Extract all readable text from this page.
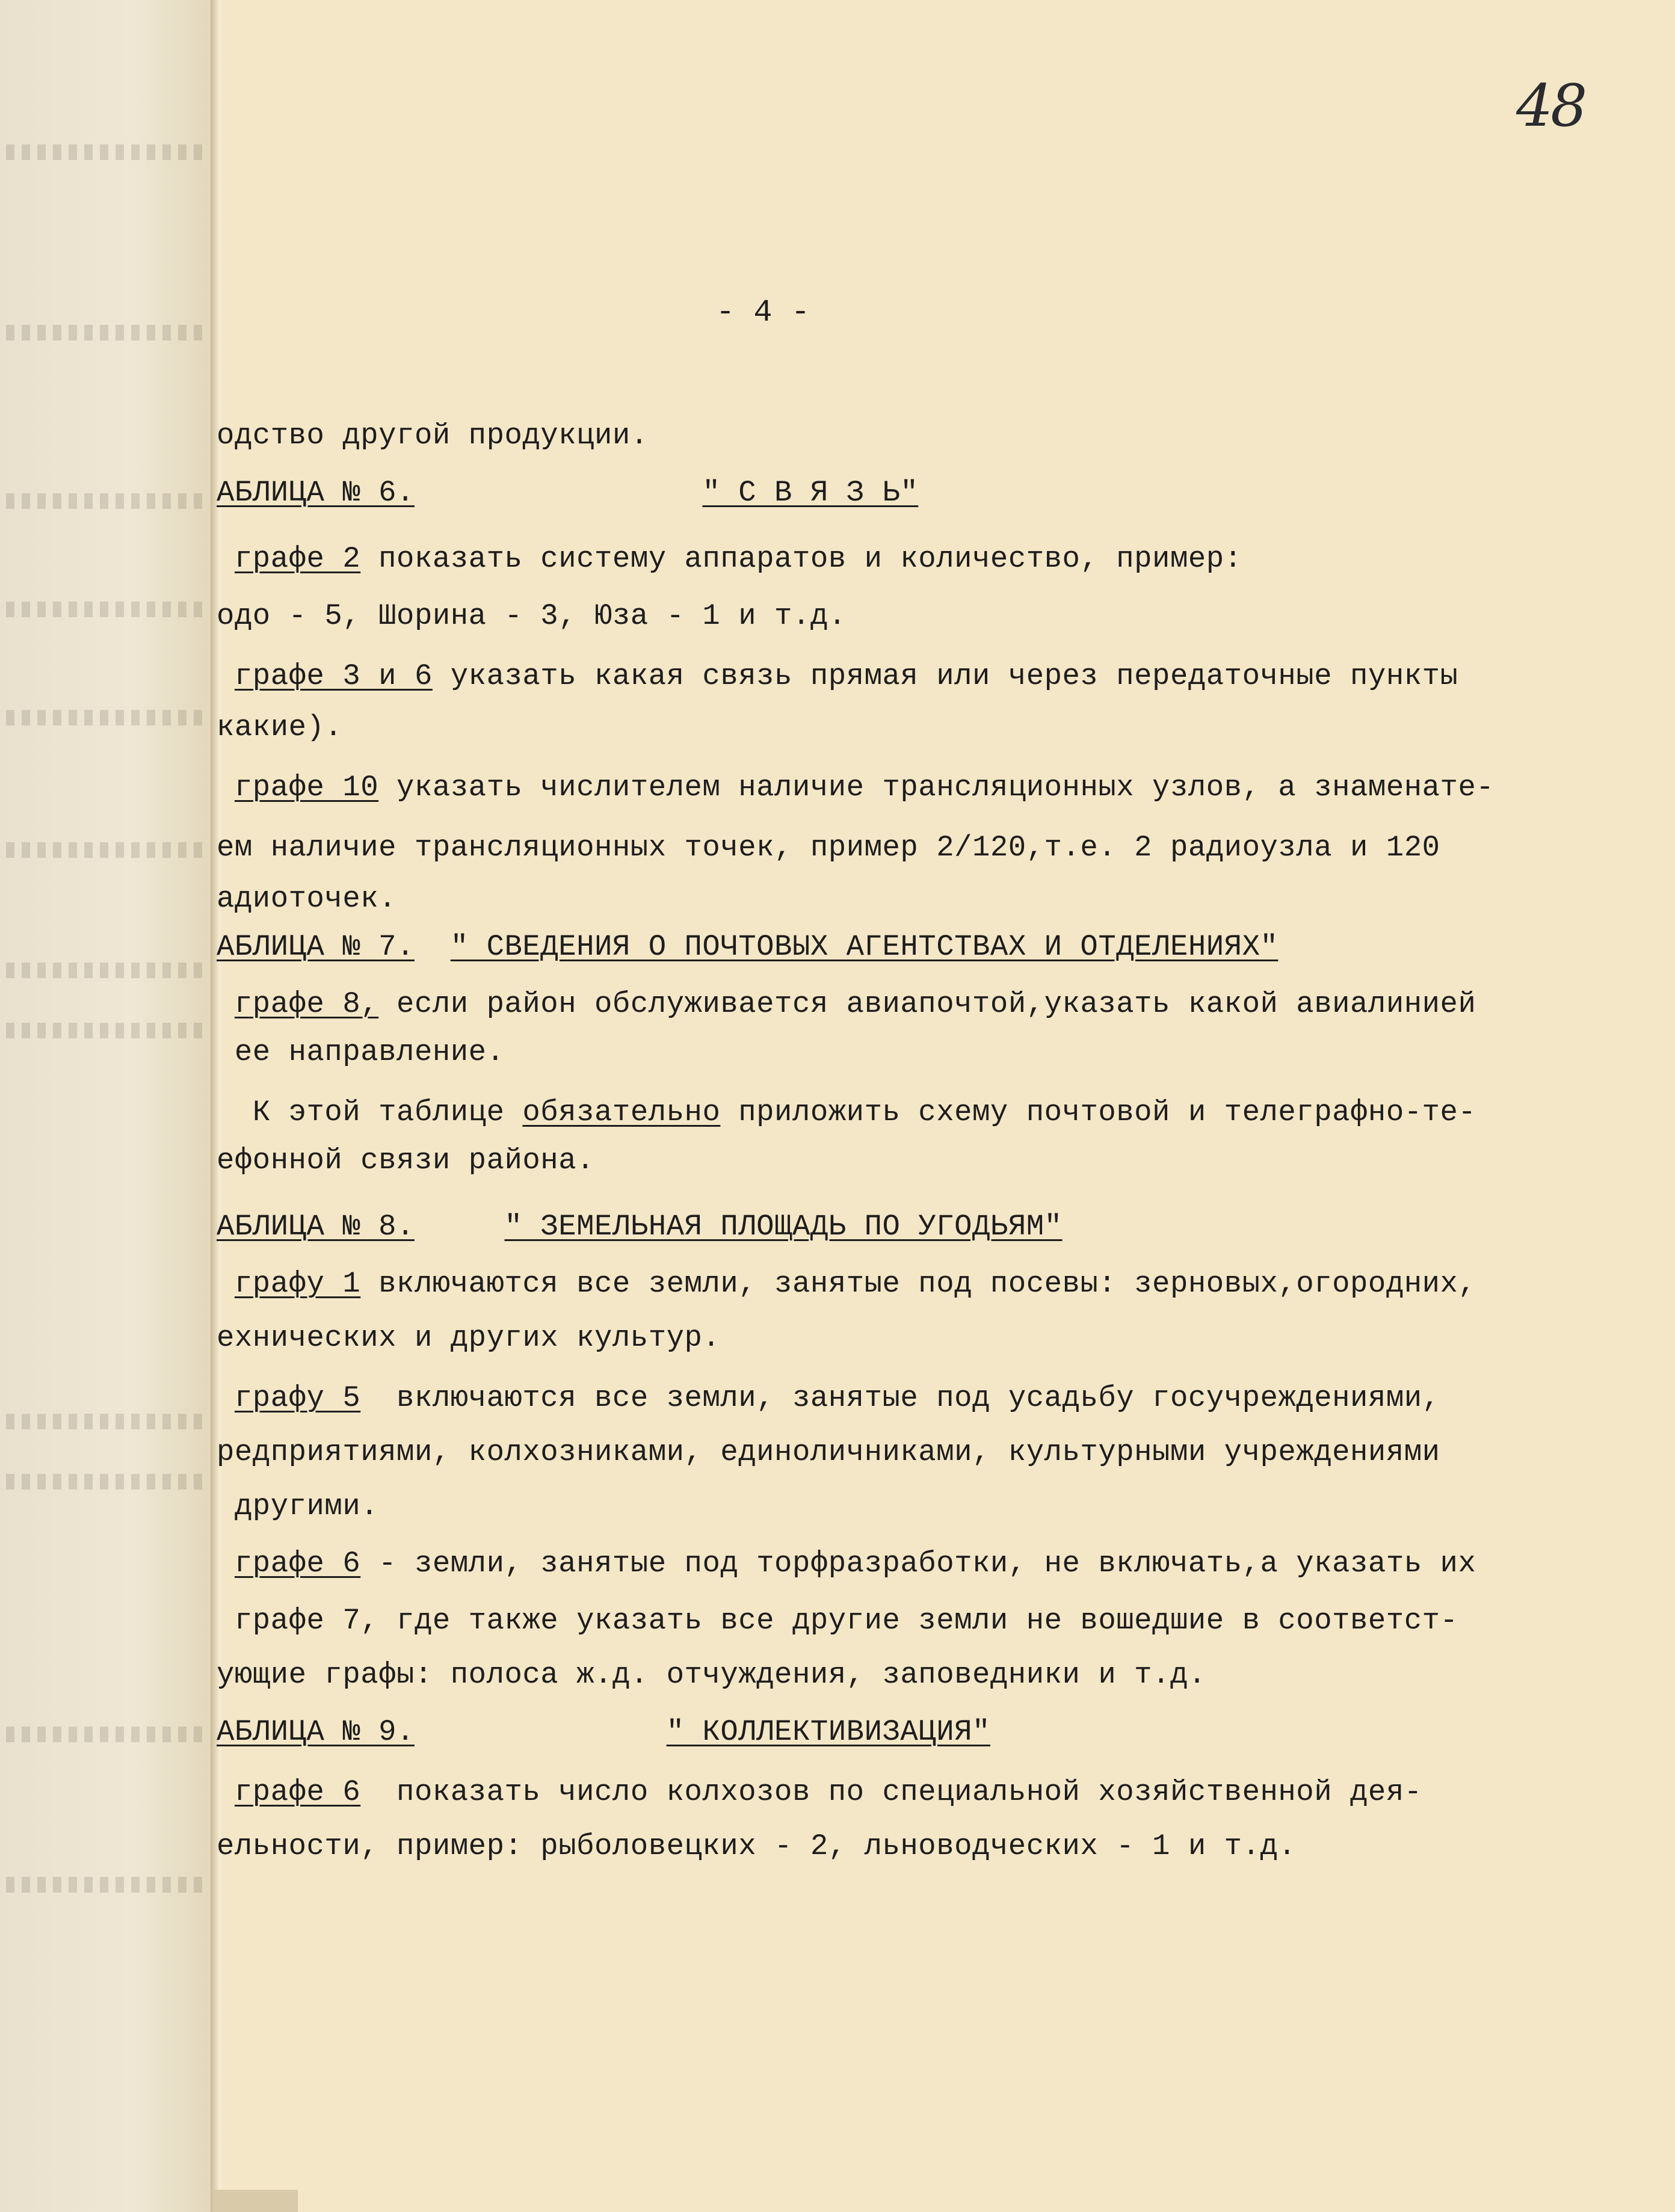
48
- 4 -
одство другой продукции.
АБЛИЦА № 6.	" С В Я З Ь"
графе 2 показать систему аппаратов и количество, пример:
одо - 5, Шорина - 3, Юза - 1 и т.д.
графе 3 и 6 указать какая связь прямая или через передаточные пункты
какие).
графе 10 указать числителем наличие трансляционных узлов, а знаменате-
ем наличие трансляционных точек, пример 2/120,т.е. 2 радиоузла и 120
адиоточек.
АБЛИЦА № 7. " СВЕДЕНИЯ О ПОЧТОВЫХ АГЕНТСТВАХ И ОТДЕЛЕНИЯХ"
графе 8, если район обслуживается авиапочтой,указать какой авиалинией
ее направление.
К этой таблице обязательно приложить схему почтовой и телеграфно-те-
ефонной связи района.
АБЛИЦА № 8.	" ЗЕМЕЛЬНАЯ ПЛОЩАДЬ ПО УГОДЬЯМ"
графу 1 включаются все земли, занятые под посевы: зерновых,огородних,
ехнических и других культур.
графу 5  включаются все земли, занятые под усадьбу госучреждениями,
редприятиями, колхозниками, единоличниками, культурными учреждениями
другими.
графе 6 - земли, занятые под торфразработки, не включать,а указать их
графе 7, где также указать все другие земли не вошедшие в соответст-
ующие графы: полоса ж.д. отчуждения, заповедники и т.д.
АБЛИЦА № 9.	" КОЛЛЕКТИВИЗАЦИЯ"
графе 6  показать число колхозов по специальной хозяйственной дея-
ельности, пример: рыболовецких - 2, льноводческих - 1 и т.д.
